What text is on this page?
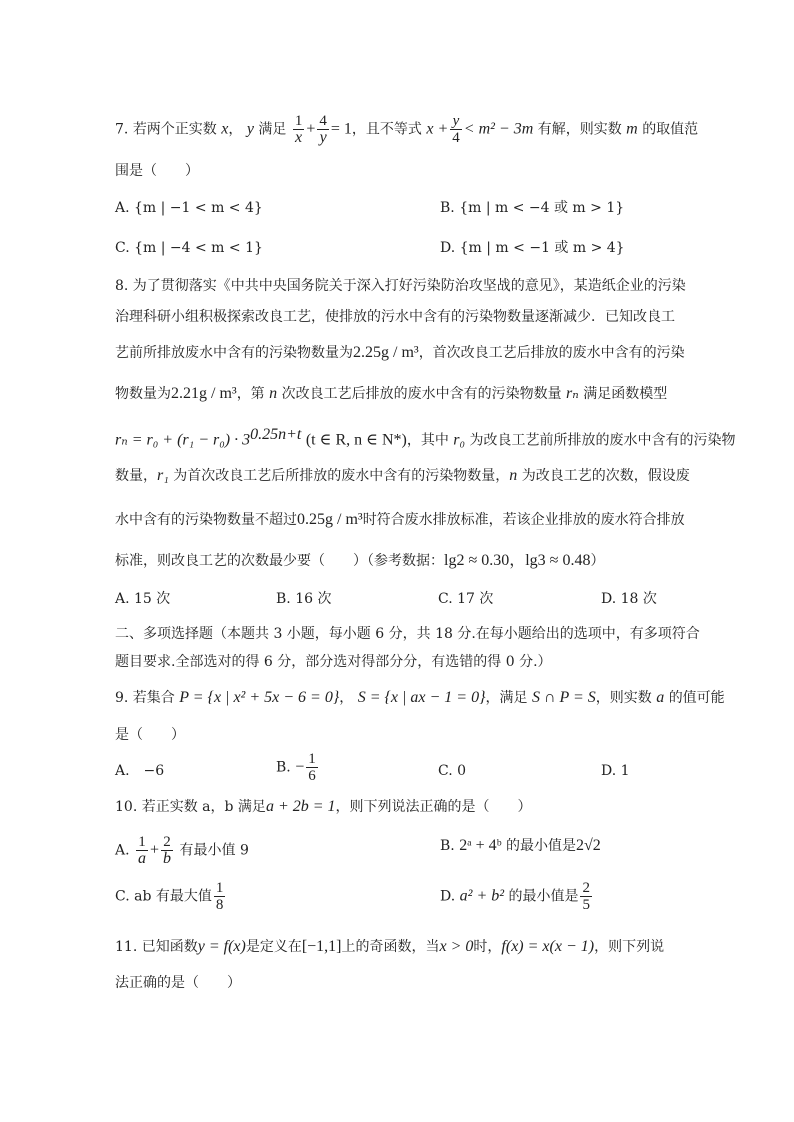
7. 若两个正实数 x， y 满足 $\frac{1}{x} + \frac{4}{y} = 1$，且不等式 $x + \frac{y}{4} < m^2 - 3m$ 有解，则实数 m 的取值范
围是（　　）
A. {m | −1 < m < 4}	B. {m | m < −4 或 m > 1}
C. {m | −4 < m < 1}	D. {m | m < −1 或 m > 4}
8. 为了贯彻落实《中共中央国务院关于深入打好污染防治攻坚战的意见》，某造纸企业的污染
治理科研小组积极探索改良工艺，使排放的污水中含有的污染物数量逐渐减少．已知改良工
艺前所排放废水中含有的污染物数量为2.25g / m³，首次改良工艺后排放的废水中含有的污染
物数量为2.21g / m³，第 n 次改良工艺后排放的废水中含有的污染物数量 rₙ 满足函数模型
$r_n = r_0 + (r_1 - r_0) \cdot 3^{0.25n+t}$ (t ∈ R, n ∈ N*)，其中 r₀ 为改良工艺前所排放的废水中含有的污染物
数量，r₁ 为首次改良工艺后所排放的废水中含有的污染物数量，n 为改良工艺的次数，假设废
水中含有的污染物数量不超过0.25g / m³时符合废水排放标准，若该企业排放的废水符合排放
标准，则改良工艺的次数最少要（　　）（参考数据：lg2 ≈ 0.30，lg3 ≈ 0.48）
A. 15 次	B. 16 次	C. 17 次	D. 18 次
二、多项选择题（本题共 3 小题，每小题 6 分，共 18 分.在每小题给出的选项中，有多项符合
题目要求.全部选对的得 6 分，部分选对得部分分，有选错的得 0 分.）
9. 若集合 P = {x | x² + 5x − 6 = 0}， S = {x | ax − 1 = 0}，满足 S ∩ P = S，则实数 a 的值可能
是（　　）
A.　−6	B. − $\frac{1}{6}$	C. 0	D. 1
10. 若正实数 a，b 满足a + 2b = 1，则下列说法正确的是（　　）
A. $\frac{1}{a} + \frac{2}{b}$ 有最小值 9	B. 2ᵃ + 4ᵇ 的最小值是2√2
C. ab 有最大值 $\frac{1}{8}$	D. a² + b² 的最小值是 $\frac{2}{5}$
11. 已知函数y = f(x)是定义在[−1,1]上的奇函数，当x > 0时，f(x) = x(x − 1)，则下列说
法正确的是（　　）
